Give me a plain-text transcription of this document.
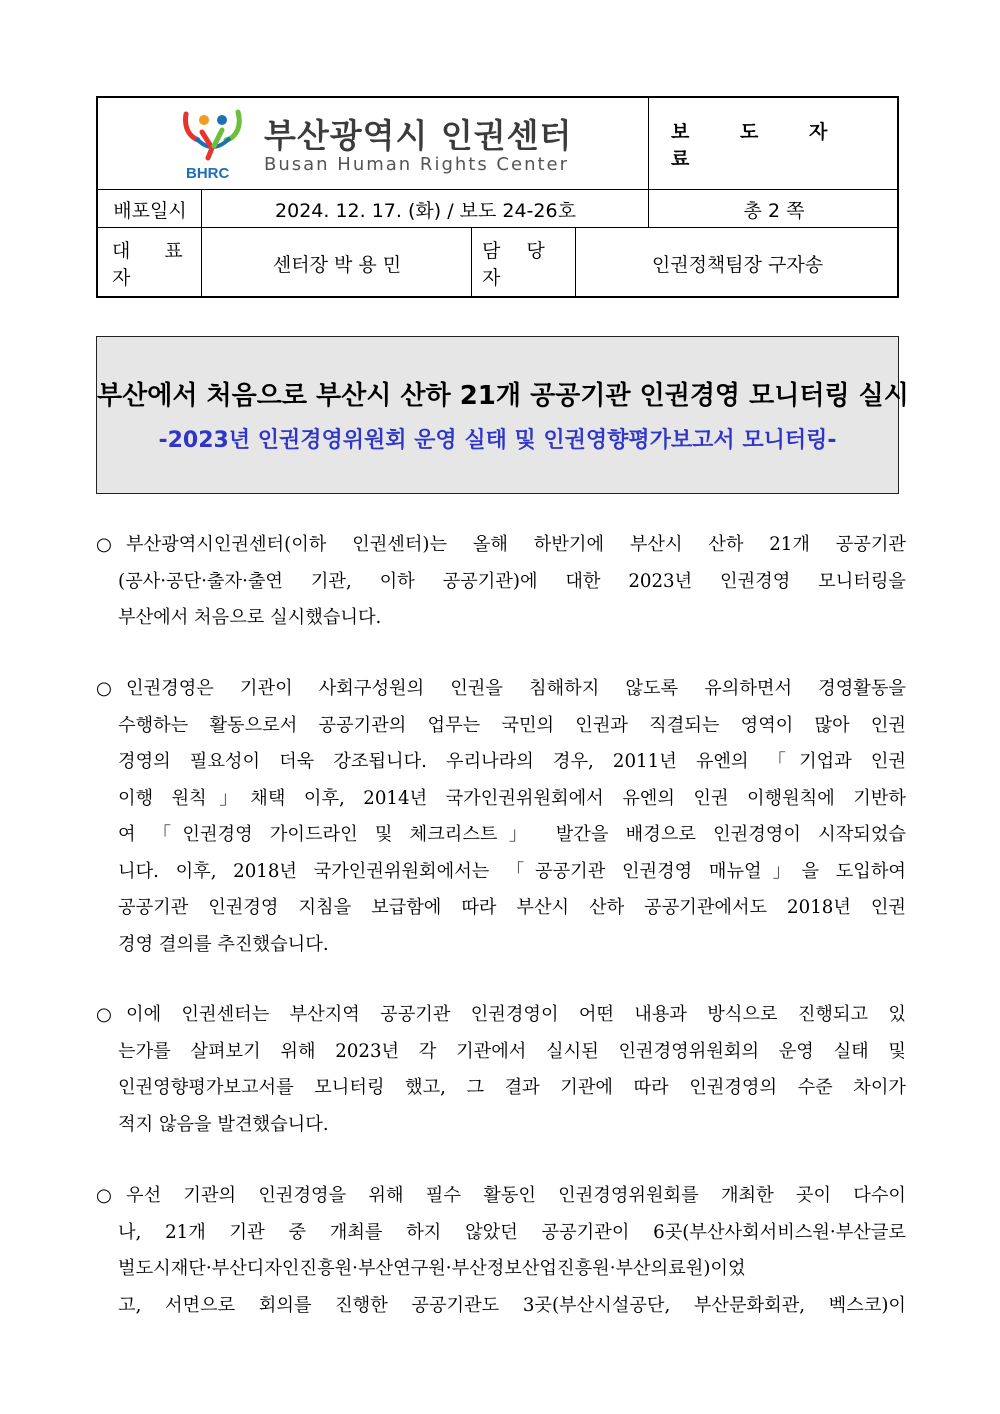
BHRC
부산광역시 인권센터
Busan Human Rights Center
보 도 자 료
배포일시	2024. 12. 17. (화) / 보도 24-26호	총 2 쪽
대 표 자
센터장 박 용 민
담 당 자
인권정책팀장 구자송
부산에서 처음으로 부산시 산하 21개 공공기관 인권경영 모니터링 실시
-2023년 인권경영위원회 운영 실태 및 인권영향평가보고서 모니터링-
○ 부산광역시인권센터(이하 인권센터)는 올해 하반기에 부산시 산하 21개 공공기관
(공사·공단·출자·출연 기관, 이하 공공기관)에 대한 2023년 인권경영 모니터링을
부산에서 처음으로 실시했습니다.
○ 인권경영은 기관이 사회구성원의 인권을 침해하지 않도록 유의하면서 경영활동을
수행하는 활동으로서 공공기관의 업무는 국민의 인권과 직결되는 영역이 많아 인권
경영의 필요성이 더욱 강조됩니다. 우리나라의 경우, 2011년 유엔의 「기업과 인권
이행 원칙」채택 이후, 2014년 국가인권위원회에서 유엔의 인권 이행원칙에 기반하
여 「인권경영 가이드라인 및 체크리스트」 발간을 배경으로 인권경영이 시작되었습
니다. 이후, 2018년 국가인권위원회에서는 「공공기관 인권경영 매뉴얼」을 도입하여
공공기관 인권경영 지침을 보급함에 따라 부산시 산하 공공기관에서도 2018년 인권
경영 결의를 추진했습니다.
○ 이에 인권센터는 부산지역 공공기관 인권경영이 어떤 내용과 방식으로 진행되고 있
는가를 살펴보기 위해 2023년 각 기관에서 실시된 인권경영위원회의 운영 실태 및
인권영향평가보고서를 모니터링 했고, 그 결과 기관에 따라 인권경영의 수준 차이가
적지 않음을 발견했습니다.
○ 우선 기관의 인권경영을 위해 필수 활동인 인권경영위원회를 개최한 곳이 다수이
나, 21개 기관 중 개최를 하지 않았던 공공기관이 6곳(부산사회서비스원·부산글로
벌도시재단·부산디자인진흥원·부산연구원·부산정보산업진흥원·부산의료원)이었
고, 서면으로 회의를 진행한 공공기관도 3곳(부산시설공단, 부산문화회관, 벡스코)이
